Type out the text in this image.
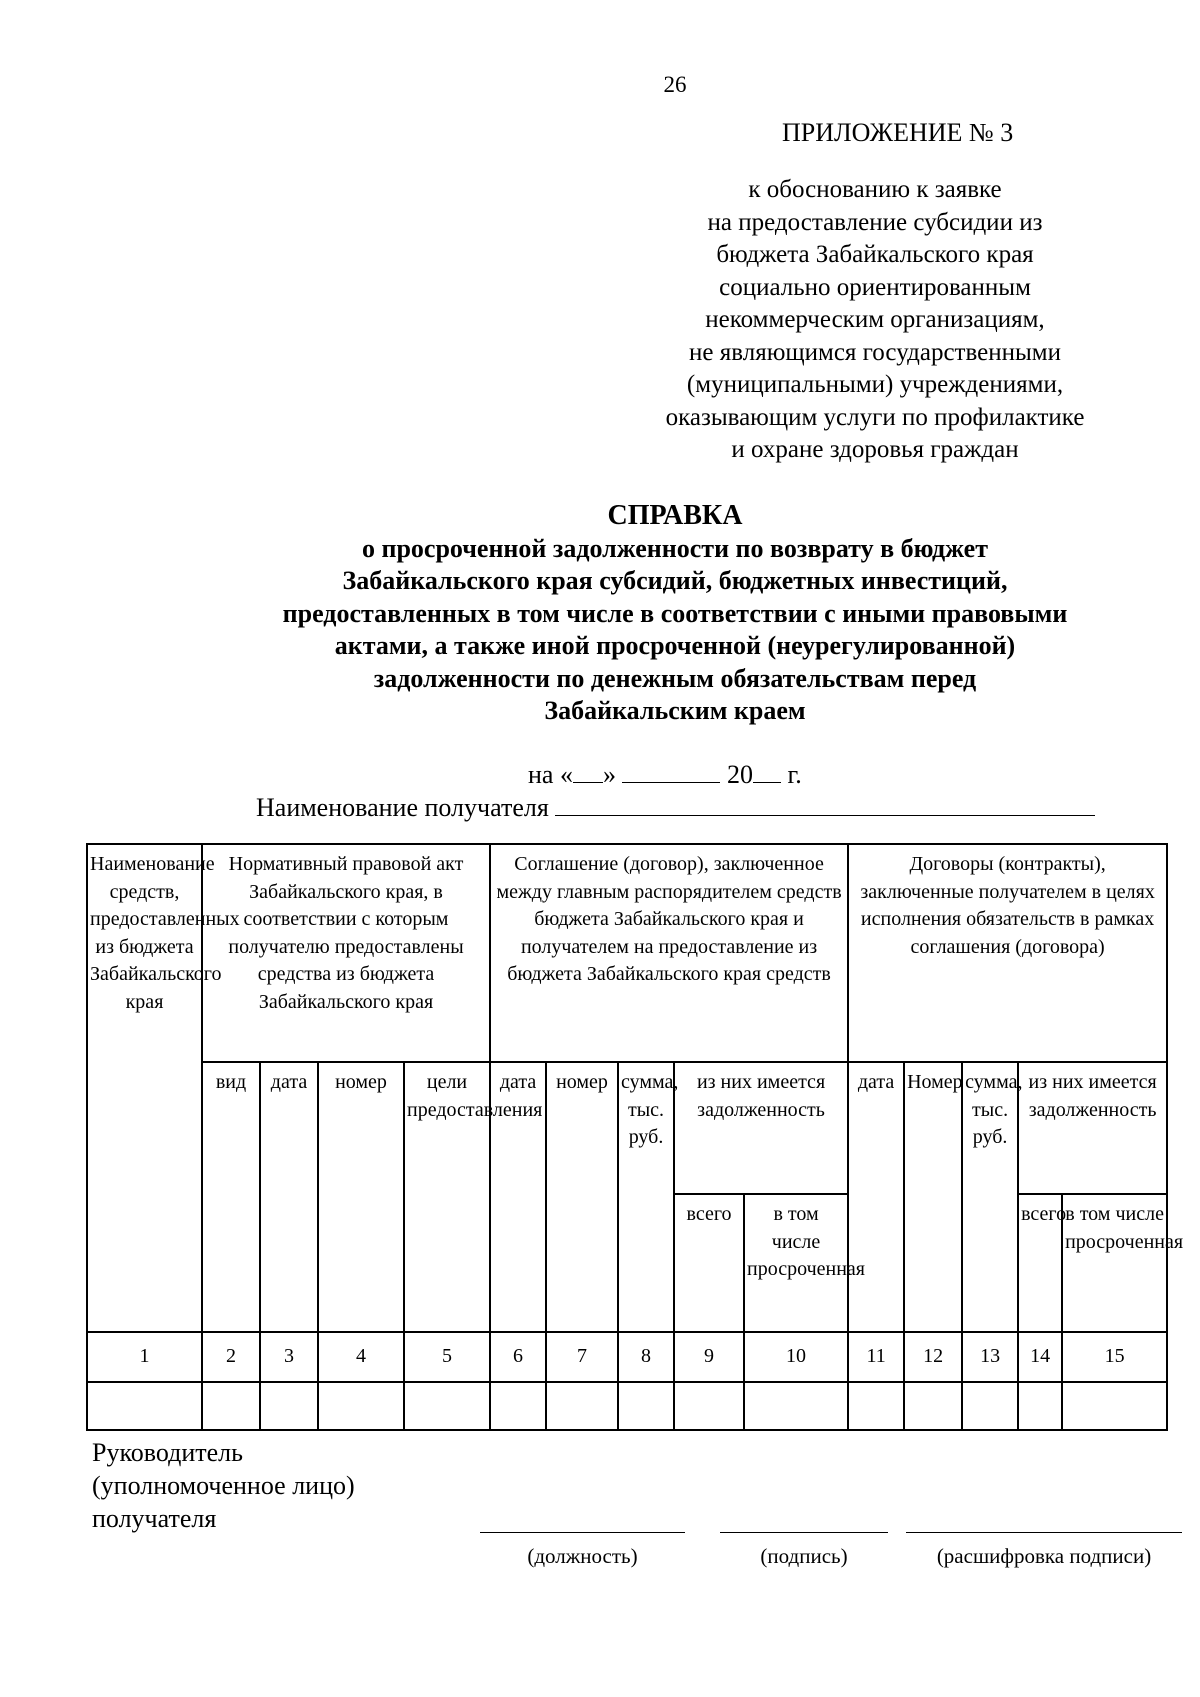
26
ПРИЛОЖЕНИЕ № 3
к обоснованию к заявке
на предоставление субсидии из
бюджета Забайкальского края
социально ориентированным
некоммерческим организациям,
не являющимся государственными
(муниципальными) учреждениями,
оказывающим услуги по профилактике
и охране здоровья граждан
СПРАВКА
о просроченной задолженности по возврату в бюджет
Забайкальского края субсидий, бюджетных инвестиций,
предоставленных в том числе в соответствии с иными правовыми
актами, а также иной просроченной (неурегулированной)
задолженности по денежным обязательствам перед
Забайкальским краем
на « »	20 г.
Наименование получателя
Наименование средств, предоставленных из бюджета Забайкальского края	Нормативный правовой акт Забайкальского края, в соответствии с которым получателю предоставлены средства из бюджета Забайкальского края				Соглашение (договор), заключенное между главным распорядителем средств бюджета Забайкальского края и получателем на предоставление из бюджета Забайкальского края средств					Договоры (контракты), заключенные получателем в целях исполнения обязательств в рамках соглашения (договора)				
	вид	дата	номер	цели предоставления	дата	номер	сумма, тыс. руб.	из них имеется задолженность		дата	Номер	сумма, тыс. руб.	из них имеется задолженность	
								всего	в том числе просроченная				всего	в том числе просроченная
1	2	3	4	5	6	7	8	9	10	11	12	13	14	15

Руководитель
(уполномоченное лицо)
получателя
(должность)	(подпись)	(расшифровка подписи)
